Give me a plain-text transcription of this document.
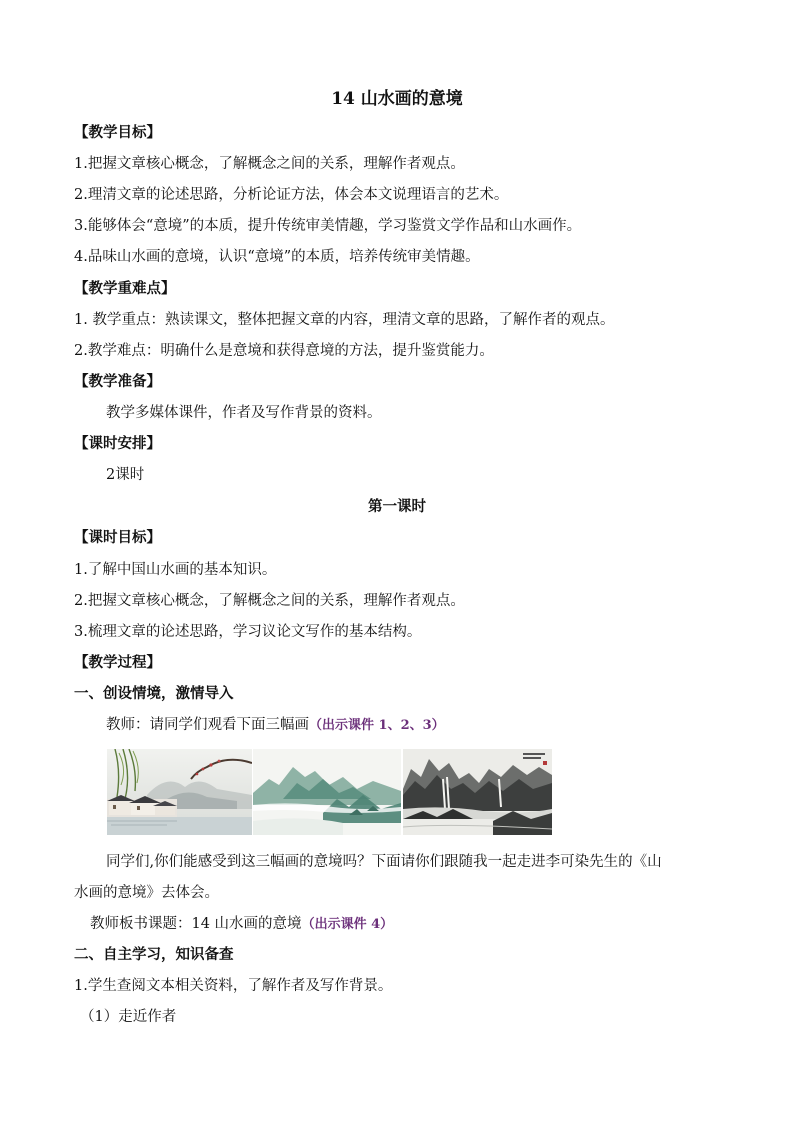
14 山水画的意境
【教学目标】
1.把握文章核心概念，了解概念之间的关系，理解作者观点。
2.理清文章的论述思路，分析论证方法，体会本文说理语言的艺术。
3.能够体会“意境”的本质，提升传统审美情趣，学习鉴赏文学作品和山水画作。
4.品味山水画的意境，认识“意境”的本质，培养传统审美情趣。
【教学重难点】
1. 教学重点：熟读课文，整体把握文章的内容，理清文章的思路，了解作者的观点。
2.教学难点：明确什么是意境和获得意境的方法，提升鉴赏能力。
【教学准备】
教学多媒体课件，作者及写作背景的资料。
【课时安排】
2课时
第一课时
【课时目标】
1.了解中国山水画的基本知识。
2.把握文章核心概念，了解概念之间的关系，理解作者观点。
3.梳理文章的论述思路，学习议论文写作的基本结构。
【教学过程】
一、创设情境，激情导入
教师：请同学们观看下面三幅画（出示课件 1、2、3）
同学们,你们能感受到这三幅画的意境吗？下面请你们跟随我一起走进李可染先生的《山
水画的意境》去体会。
教师板书课题：14 山水画的意境（出示课件 4）
二、自主学习，知识备查
1.学生查阅文本相关资料，了解作者及写作背景。
（1）走近作者
